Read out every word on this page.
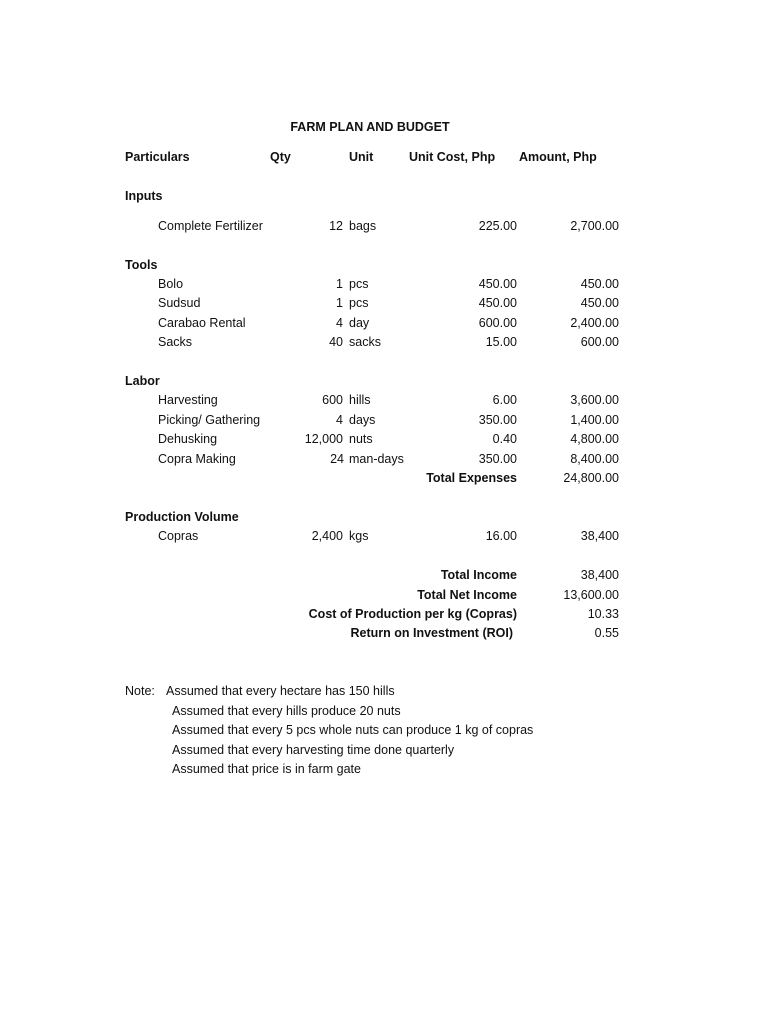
FARM PLAN AND BUDGET
Particulars	Qty	Unit	Unit Cost, Php Amount, Php
Inputs
Complete Fertilizer	12 bags	225.00	2,700.00
Tools
Bolo	1 pcs	450.00	450.00
Sudsud	1 pcs	450.00	450.00
Carabao Rental	4 day	600.00	2,400.00
Sacks	40 sacks	15.00	600.00
Labor
Harvesting	600 hills	6.00	3,600.00
Picking/ Gathering	4 days	350.00	1,400.00
Dehusking	12,000 nuts	0.40	4,800.00
Copra Making	24 man-days	350.00	8,400.00
Total Expenses	24,800.00
Production Volume
Copras	2,400 kgs	16.00	38,400
Total Income	38,400
Total Net Income	13,600.00
Cost of Production per kg (Copras)	10.33
Return on Investment (ROI)	0.55
Note: Assumed that every hectare has 150 hills
Assumed that every hills produce 20 nuts
Assumed that every 5 pcs whole nuts can produce 1 kg of copras
Assumed that every harvesting time done quarterly
Assumed that price is in farm gate
